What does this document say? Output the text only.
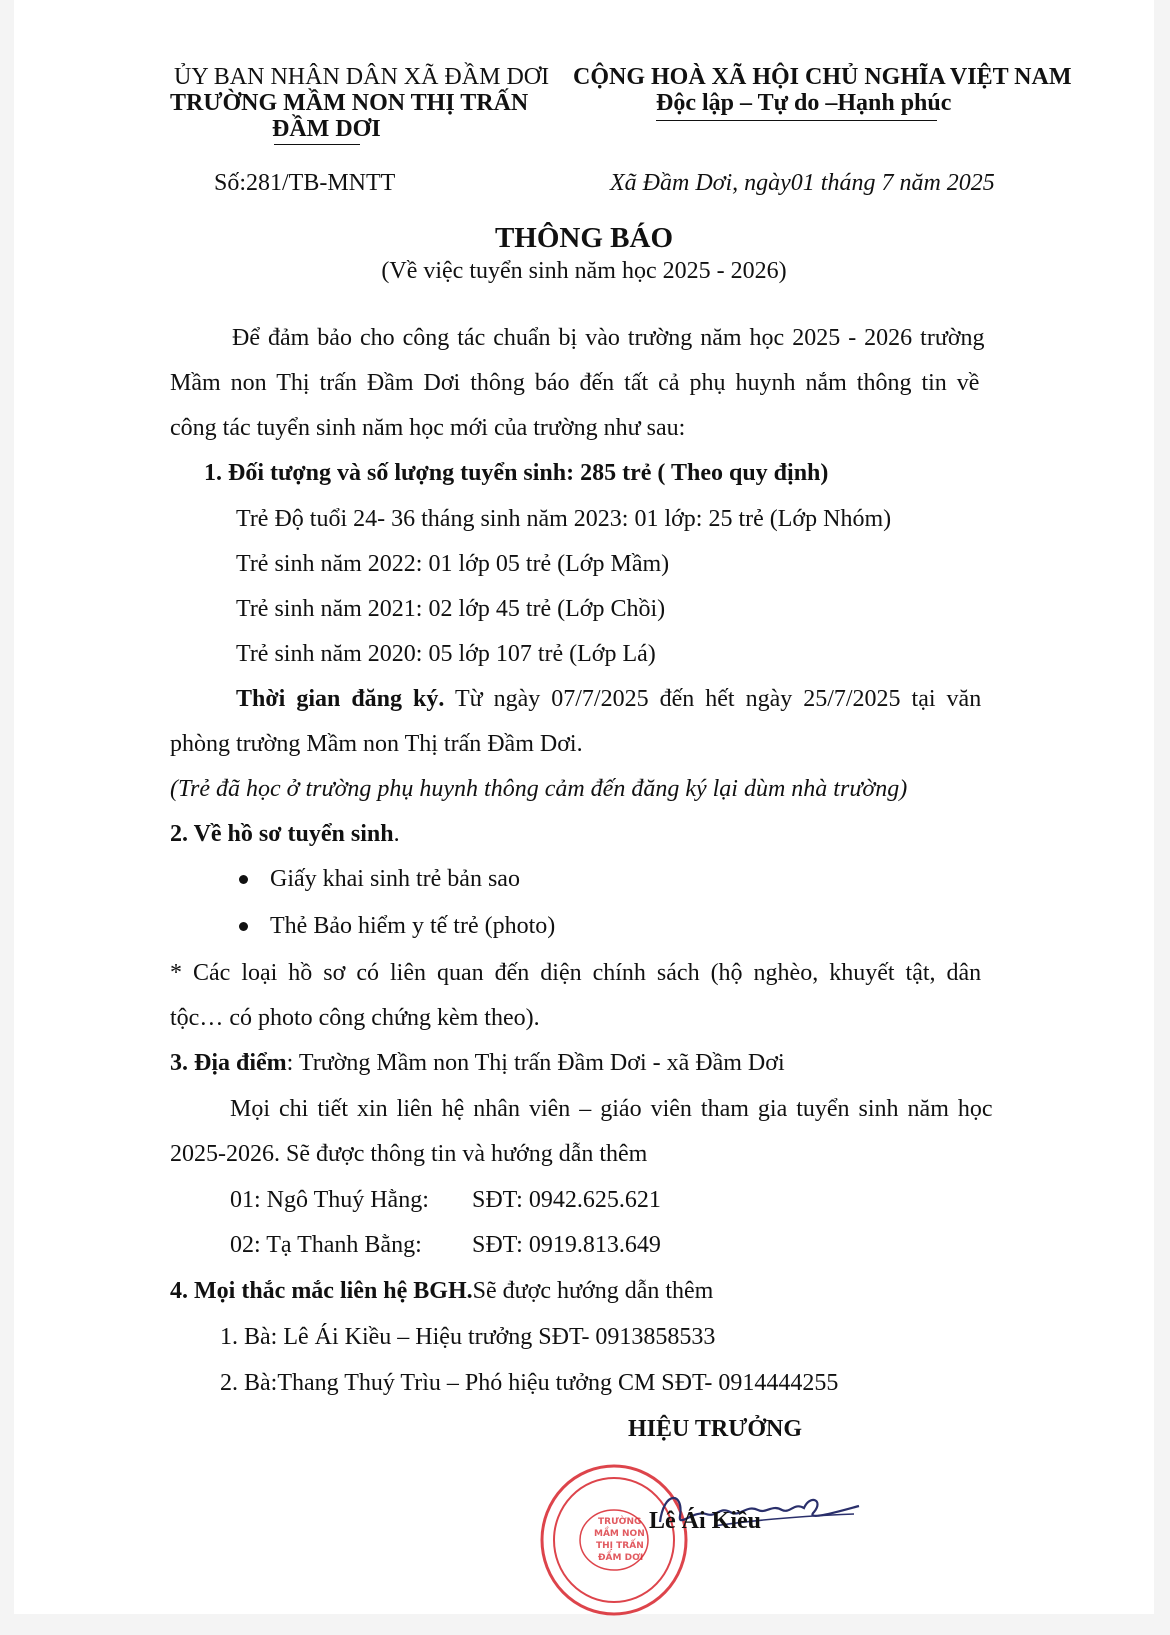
ỦY BAN NHÂN DÂN XÃ ĐẦM DƠI
TRƯỜNG MẦM NON THỊ TRẤN
ĐẦM DƠI
CỘNG HOÀ XÃ HỘI CHỦ NGHĨA VIỆT NAM
Độc lập – Tự do –Hạnh phúc
Số:281/TB-MNTT	Xã Đầm Dơi, ngày01 tháng 7 năm 2025
THÔNG BÁO
(Về việc tuyển sinh năm học 2025 - 2026)
Để đảm bảo cho công tác chuẩn bị vào trường năm học 2025 - 2026 trường
Mầm non Thị trấn Đầm Dơi thông báo đến tất cả phụ huynh nắm thông tin về
công tác tuyển sinh năm học mới của trường như sau:
1. Đối tượng và số lượng tuyển sinh: 285 trẻ ( Theo quy định)
Trẻ Độ tuổi 24- 36 tháng sinh năm 2023: 01 lớp: 25 trẻ (Lớp Nhóm)
Trẻ sinh năm 2022: 01 lớp 05 trẻ (Lớp Mầm)
Trẻ sinh năm 2021: 02 lớp 45 trẻ (Lớp Chồi)
Trẻ sinh năm 2020: 05 lớp 107 trẻ (Lớp Lá)
Thời gian đăng ký. Từ ngày 07/7/2025 đến hết ngày 25/7/2025 tại văn
phòng trường Mầm non Thị trấn Đầm Dơi.
(Trẻ đã học ở trường phụ huynh thông cảm đến đăng ký lại dùm nhà trường)
2. Về hồ sơ tuyển sinh.
Giấy khai sinh trẻ bản sao
Thẻ Bảo hiểm y tế trẻ (photo)
* Các loại hồ sơ có liên quan đến diện chính sách (hộ nghèo, khuyết tật, dân
tộc… có photo công chứng kèm theo).
3. Địa điểm: Trường Mầm non Thị trấn Đầm Dơi - xã Đầm Dơi
Mọi chi tiết xin liên hệ nhân viên – giáo viên tham gia tuyển sinh năm học
2025-2026. Sẽ được thông tin và hướng dẫn thêm
01: Ngô Thuý Hằng: SĐT: 0942.625.621
02: Tạ Thanh Bằng: SĐT: 0919.813.649
4. Mọi thắc mắc liên hệ BGH.Sẽ được hướng dẫn thêm
1. Bà: Lê Ái Kiều – Hiệu trưởng SĐT- 0913858533
2. Bà:Thang Thuý Trìu – Phó hiệu tưởng CM SĐT- 0914444255
TRƯỜNG
MẦM NON
THỊ TRẤN
ĐẦM DƠI
HIỆU TRƯỞNG
Lê Ái Kiều
